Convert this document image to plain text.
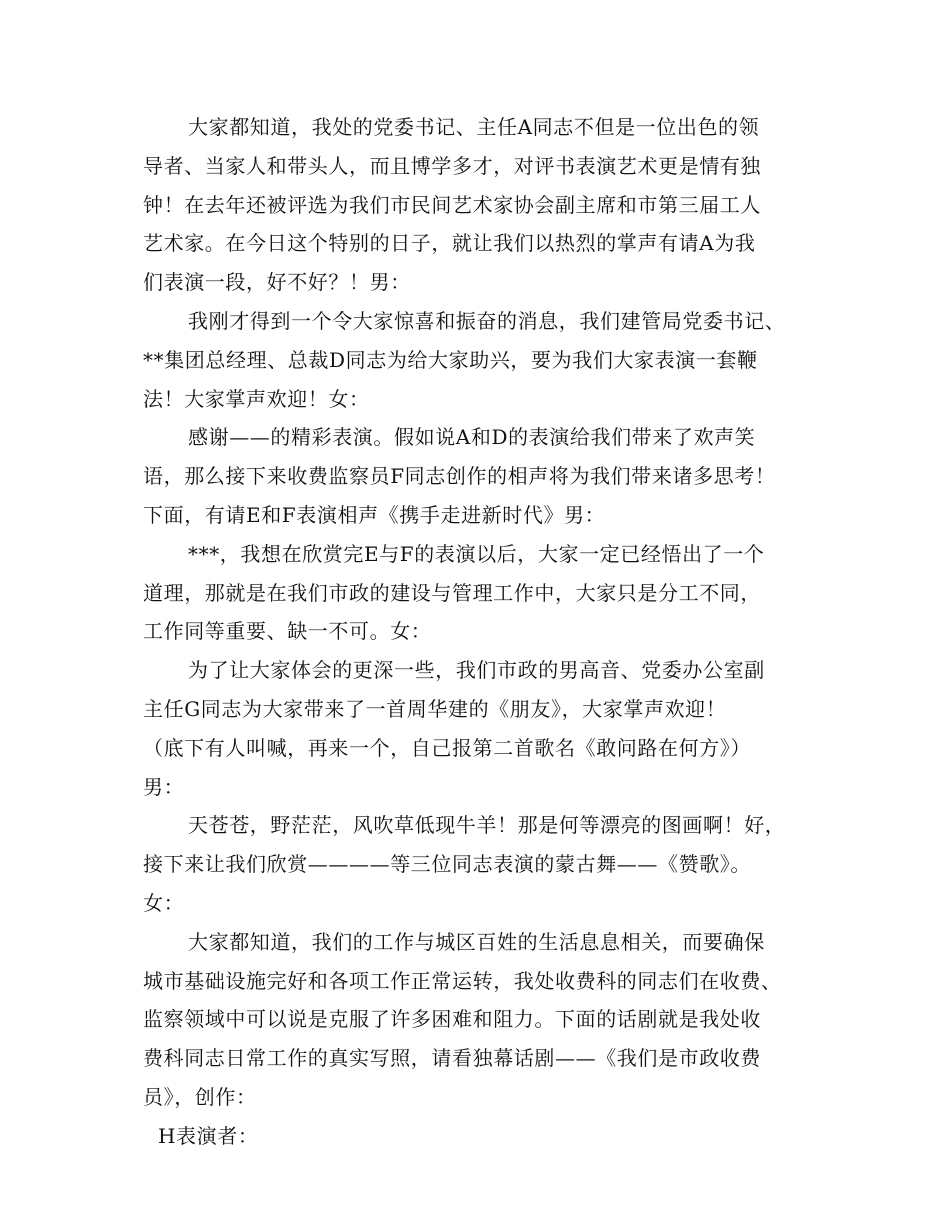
大家都知道，我处的党委书记、主任A同志不但是一位出色的领
导者、当家人和带头人，而且博学多才，对评书表演艺术更是情有独
钟！在去年还被评选为我们市民间艺术家协会副主席和市第三届工人
艺术家。在今日这个特别的日子，就让我们以热烈的掌声有请A为我
们表演一段，好不好？！男：
我刚才得到一个令大家惊喜和振奋的消息，我们建管局党委书记、
**集团总经理、总裁D同志为给大家助兴，要为我们大家表演一套鞭
法！大家掌声欢迎！女：
感谢——的精彩表演。假如说A和D的表演给我们带来了欢声笑
语，那么接下来收费监察员F同志创作的相声将为我们带来诸多思考！
下面，有请E和F表演相声《携手走进新时代》男：
***，我想在欣赏完E与F的表演以后，大家一定已经悟出了一个
道理，那就是在我们市政的建设与管理工作中，大家只是分工不同，
工作同等重要、缺一不可。女：
为了让大家体会的更深一些，我们市政的男高音、党委办公室副
主任G同志为大家带来了一首周华建的《朋友》，大家掌声欢迎！
（底下有人叫喊，再来一个，自己报第二首歌名《敢问路在何方》）
男：
天苍苍，野茫茫，风吹草低现牛羊！那是何等漂亮的图画啊！好，
接下来让我们欣赏————等三位同志表演的蒙古舞——《赞歌》。
女：
大家都知道，我们的工作与城区百姓的生活息息相关，而要确保
城市基础设施完好和各项工作正常运转，我处收费科的同志们在收费、
监察领域中可以说是克服了许多困难和阻力。下面的话剧就是我处收
费科同志日常工作的真实写照，请看独幕话剧——《我们是市政收费
员》，创作：
H表演者：
